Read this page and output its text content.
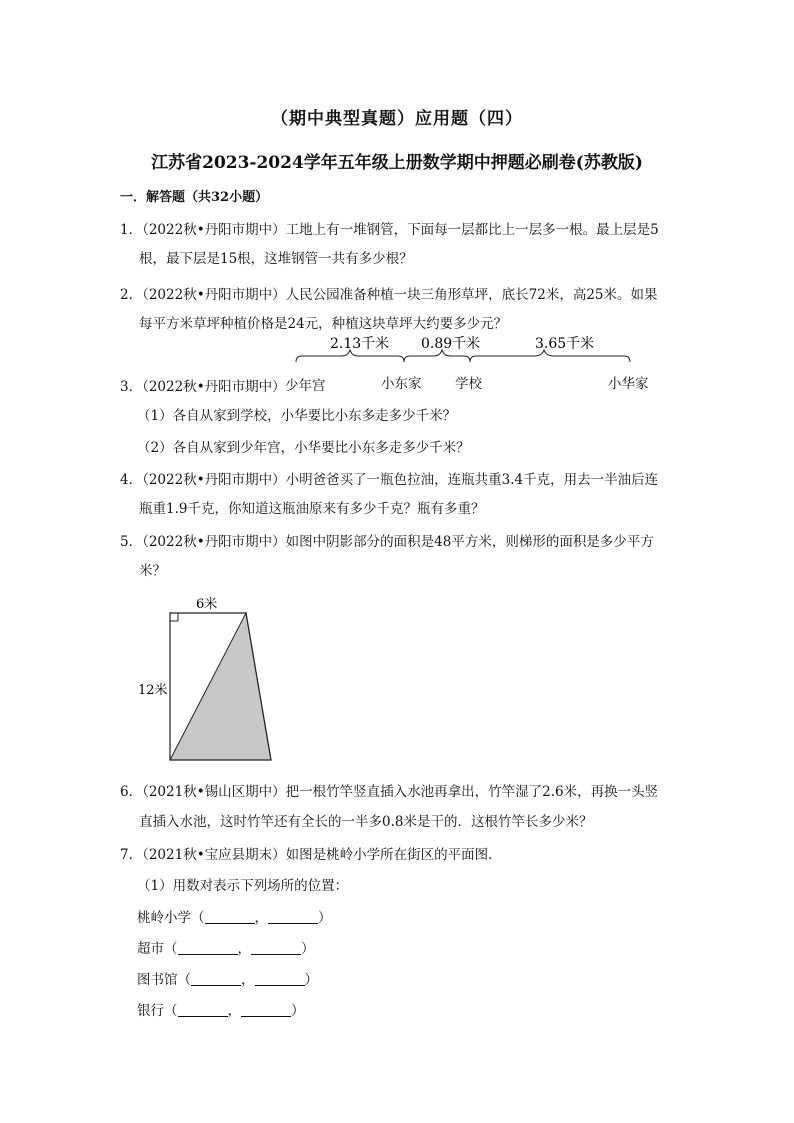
（期中典型真题）应用题（四）
江苏省2023-2024学年五年级上册数学期中押题必刷卷(苏教版)
一．解答题（共32小题）
1．（2022秋•丹阳市期中）工地上有一堆钢管，下面每一层都比上一层多一根。最上层是5
根，最下层是15根，这堆钢管一共有多少根？
2．（2022秋•丹阳市期中）人民公园准备种植一块三角形草坪，底长72米，高25米。如果
每平方米草坪种植价格是24元，种植这块草坪大约要多少元？
2.13千米 0.89千米	3.65千米
少年宫	小东家 学校	小华家
3．（2022秋•丹阳市期中）
（1）各自从家到学校，小华要比小东多走多少千米？
（2）各自从家到少年宫，小华要比小东多走多少千米？
4．（2022秋•丹阳市期中）小明爸爸买了一瓶色拉油，连瓶共重3.4千克，用去一半油后连
瓶重1.9千克，你知道这瓶油原来有多少千克？瓶有多重？
5．（2022秋•丹阳市期中）如图中阴影部分的面积是48平方米，则梯形的面积是多少平方
米？
6米
12米
6．（2021秋•锡山区期中）把一根竹竿竖直插入水池再拿出，竹竿湿了2.6米，再换一头竖
直插入水池，这时竹竿还有全长的一半多0.8米是干的．这根竹竿长多少米？
7．（2021秋•宝应县期末）如图是桃岭小学所在街区的平面图．
（1）用数对表示下列场所的位置：
桃岭小学（	，	）
超市（	，	）
图书馆（	，	）
银行（	，	）
